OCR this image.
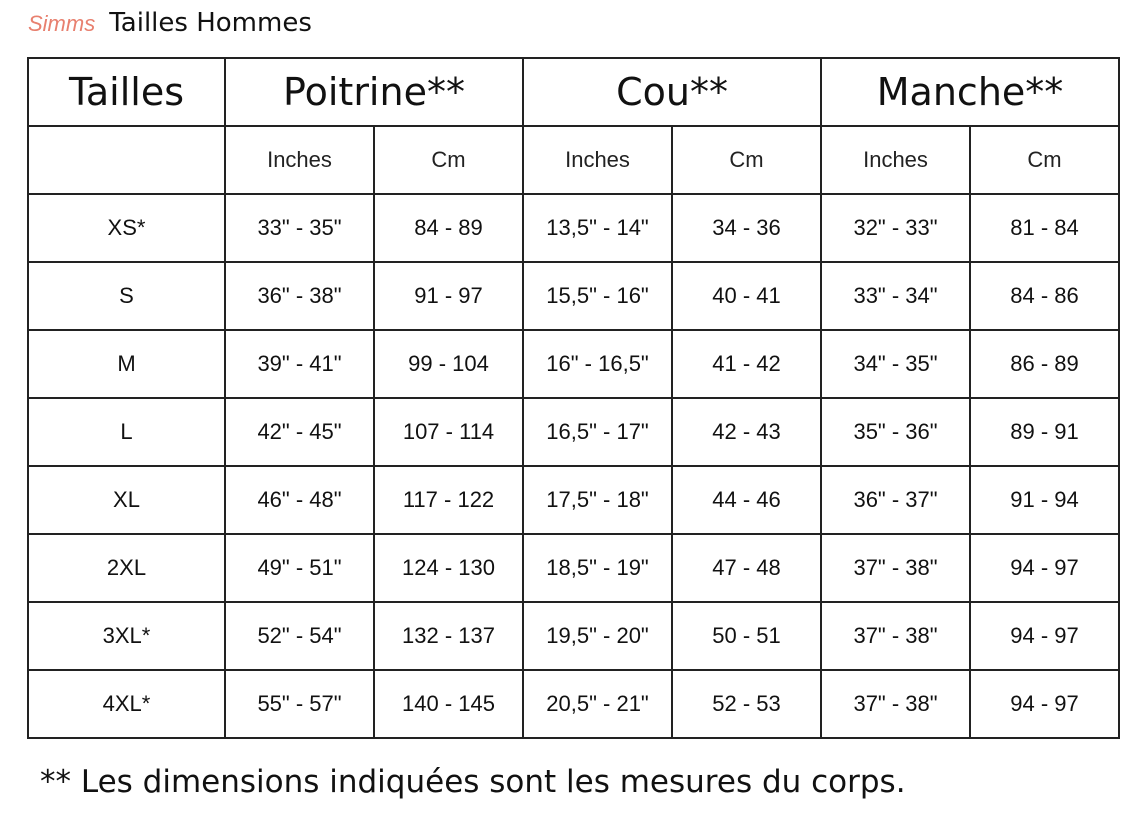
Simms Tailles Hommes
Tailles	Poitrine**		Cou**		Manche**	
	Inches	Cm	Inches	Cm	Inches	Cm
XS*	33" - 35"	84 - 89	13,5" - 14"	34 - 36	32" - 33"	81 - 84
S	36" - 38"	91 - 97	15,5" - 16"	40 - 41	33" - 34"	84 - 86
M	39" - 41"	99 - 104	16" - 16,5"	41 - 42	34" - 35"	86 - 89
L	42" - 45"	107 - 114	16,5" - 17"	42 - 43	35" - 36"	89 - 91
XL	46" - 48"	117 - 122	17,5" - 18"	44 - 46	36" - 37"	91 - 94
2XL	49" - 51"	124 - 130	18,5" - 19"	47 - 48	37" - 38"	94 - 97
3XL*	52" - 54"	132 - 137	19,5" - 20"	50 - 51	37" - 38"	94 - 97
4XL*	55" - 57"	140 - 145	20,5" - 21"	52 - 53	37" - 38"	94 - 97
** Les dimensions indiquées sont les mesures du corps.
